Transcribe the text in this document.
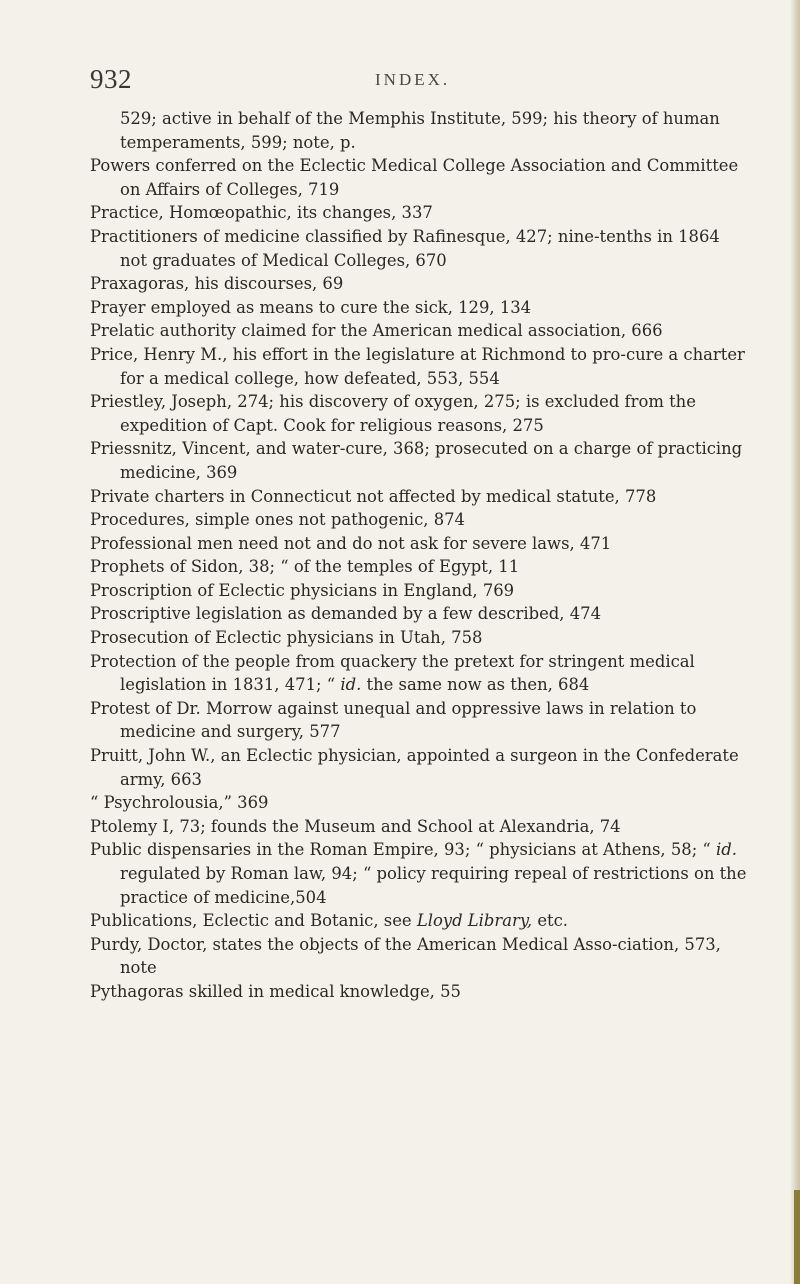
932	INDEX.
529; active in behalf of the Memphis Institute, 599; his theory of human temperaments, 599; note, p.
Powers conferred on the Eclectic Medical College Association and Committee on Affairs of Colleges, 719
Practice, Homœopathic, its changes, 337
Practitioners of medicine classified by Rafinesque, 427; nine-tenths in 1864 not graduates of Medical Colleges, 670
Praxagoras, his discourses, 69
Prayer employed as means to cure the sick, 129, 134
Prelatic authority claimed for the American medical association, 666
Price, Henry M., his effort in the legislature at Richmond to pro-cure a charter for a medical college, how defeated, 553, 554
Priestley, Joseph, 274; his discovery of oxygen, 275; is excluded from the expedition of Capt. Cook for religious reasons, 275
Priessnitz, Vincent, and water-cure, 368; prosecuted on a charge of practicing medicine, 369
Private charters in Connecticut not affected by medical statute, 778
Procedures, simple ones not pathogenic, 874
Professional men need not and do not ask for severe laws, 471
Prophets of Sidon, 38; “ of the temples of Egypt, 11
Proscription of Eclectic physicians in England, 769
Proscriptive legislation as demanded by a few described, 474
Prosecution of Eclectic physicians in Utah, 758
Protection of the people from quackery the pretext for stringent medical legislation in 1831, 471; “ id. the same now as then, 684
Protest of Dr. Morrow against unequal and oppressive laws in relation to medicine and surgery, 577
Pruitt, John W., an Eclectic physician, appointed a surgeon in the Confederate army, 663
“ Psychrolousia,” 369
Ptolemy I, 73; founds the Museum and School at Alexandria, 74
Public dispensaries in the Roman Empire, 93; “ physicians at Athens, 58; “ id. regulated by Roman law, 94; “ policy requiring repeal of restrictions on the practice of medicine,504
Publications, Eclectic and Botanic, see Lloyd Library, etc.
Purdy, Doctor, states the objects of the American Medical Asso-ciation, 573, note
Pythagoras skilled in medical knowledge, 55
